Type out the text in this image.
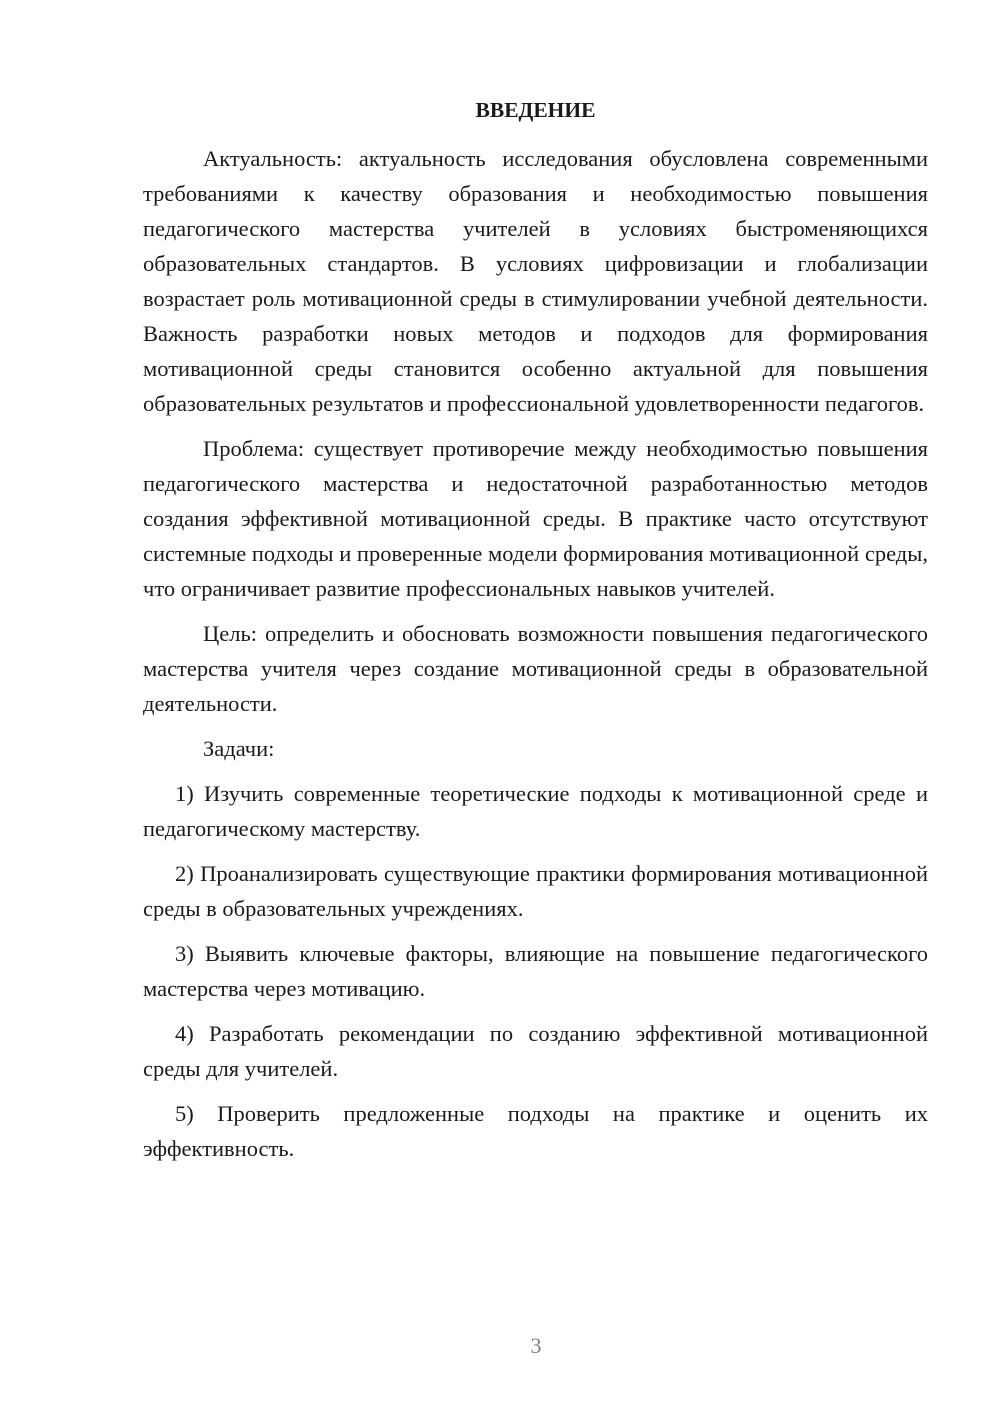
ВВЕДЕНИЕ

Актуальность: актуальность исследования обусловлена современными требованиями к качеству образования и необходимостью повышения педагогического мастерства учителей в условиях быстроменяющихся образовательных стандартов. В условиях цифровизации и глобализации возрастает роль мотивационной среды в стимулировании учебной деятельности. Важность разработки новых методов и подходов для формирования мотивационной среды становится особенно актуальной для повышения образовательных результатов и профессиональной удовлетворенности педагогов.

Проблема: существует противоречие между необходимостью повышения педагогического мастерства и недостаточной разработанностью методов создания эффективной мотивационной среды. В практике часто отсутствуют системные подходы и проверенные модели формирования мотивационной среды, что ограничивает развитие профессиональных навыков учителей.

Цель: определить и обосновать возможности повышения педагогического мастерства учителя через создание мотивационной среды в образовательной деятельности.

Задачи:

1) Изучить современные теоретические подходы к мотивационной среде и педагогическому мастерству.

2) Проанализировать существующие практики формирования мотивационной среды в образовательных учреждениях.

3) Выявить ключевые факторы, влияющие на повышение педагогического мастерства через мотивацию.

4) Разработать рекомендации по созданию эффективной мотивационной среды для учителей.

5) Проверить предложенные подходы на практике и оценить их эффективность.

3
